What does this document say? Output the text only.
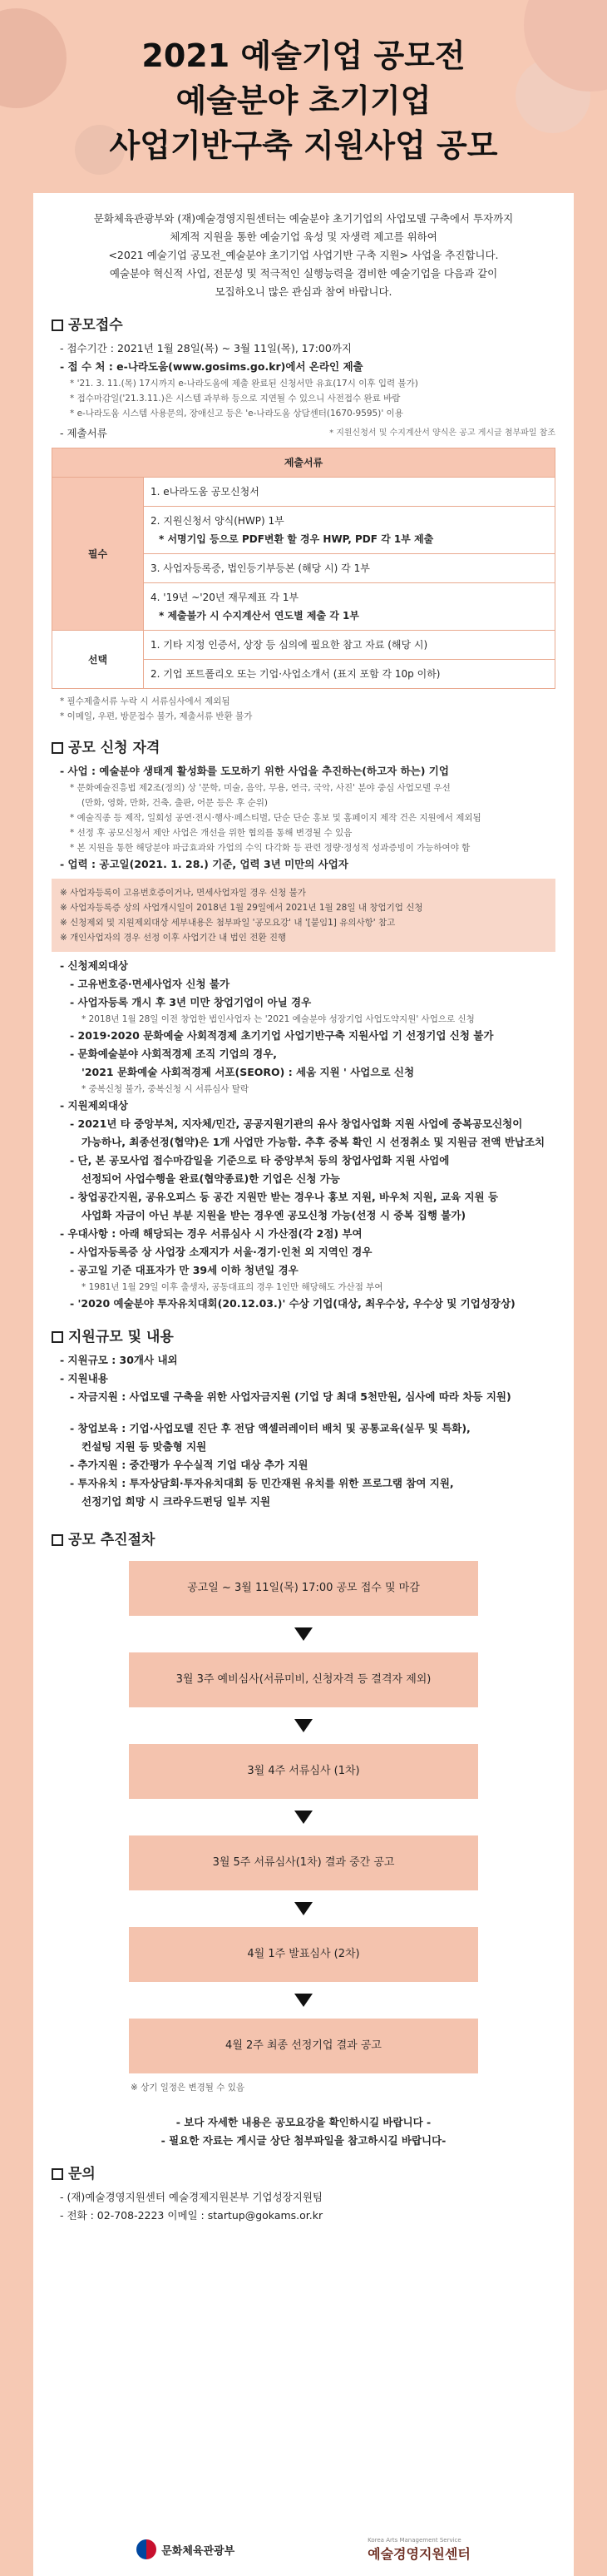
2021 예술기업 공모전
예술분야 초기기업
사업기반구축 지원사업 공모

문화체육관광부와 (재)예술경영지원센터는 예술분야 초기기업의 사업모델 구축에서 투자까지

체계적 지원을 통한 예술기업 육성 및 자생력 제고를 위하여

<2021 예술기업 공모전_예술분야 초기기업 사업기반 구축 지원> 사업을 추진합니다.

예술분야 혁신적 사업, 전문성 및 적극적인 실행능력을 겸비한 예술기업을 다음과 같이

모집하오니 많은 관심과 참여 바랍니다.

공모접수
- 접수기간 : 2021년 1월 28일(목) ~ 3월 11일(목), 17:00까지
- 접 수 처 : e-나라도움(www.gosims.go.kr)에서 온라인 제출
* '21. 3. 11.(목) 17시까지 e-나라도움에 제출 완료된 신청서만 유효(17시 이후 입력 불가)
* 접수마감일('21.3.11.)은 시스템 과부하 등으로 지연될 수 있으니 사전접수 완료 바람
* e-나라도움 시스템 사용문의, 장애신고 등은 'e-나라도움 상담센터(1670-9595)' 이용
- 제출서류	* 지원신청서 및 수지계산서 양식은 공고 게시글 첨부파일 참조
제출서류	
필수	1. e나라도움 공모신청서

	2. 지원신청서 양식(HWP) 1부
* 서명기입 등으로 PDF변환 할 경우 HWP, PDF 각 1부 제출

	3. 사업자등록증, 법인등기부등본 (해당 시) 각 1부

	4. '19년 ~'20년 재무제표 각 1부
* 제출불가 시 수지계산서 연도별 제출 각 1부

선택	1. 기타 지정 인증서, 상장 등 심의에 필요한 참고 자료 (해당 시)
	2. 기업 포트폴리오 또는 기업·사업소개서 (표지 포함 각 10p 이하)
* 필수제출서류 누락 시 서류심사에서 제외됨
* 이메일, 우편, 방문접수 불가, 제출서류 반환 불가
공모 신청 자격
- 사업 : 예술분야 생태계 활성화를 도모하기 위한 사업을 추진하는(하고자 하는) 기업
* 문화예술진흥법 제2조(정의) 상 '문학, 미술, 음악, 무용, 연극, 국악, 사진' 분야 중심 사업모델 우선
(만화, 영화, 만화, 건축, 출판, 어문 등은 후 순위)
* 예술직종 등 제작, 일회성 공연·전시·행사·페스티벌, 단순 단순 홍보 및 홈페이지 제작 건은 지원에서 제외됨
* 선정 후 공모신청서 제안 사업은 개선을 위한 협의를 통해 변경될 수 있음
* 본 지원을 통한 해당분야 파급효과와 가업의 수익 다각화 등 관련 정량·정성적 성과증빙이 가능하여야 함
- 업력 : 공고일(2021. 1. 28.) 기준, 업력 3년 미만의 사업자
※ 사업자등록이 고유번호증이거나, 면세사업자일 경우 신청 불가
※ 사업자등록증 상의 사업개시일이 2018년 1월 29일에서 2021년 1월 28일 내 창업기업 신청
※ 신청제외 및 지원제외대상 세부내용은 첨부파일 '공모요강' 내 '[붙임1] 유의사항' 참고
※ 개인사업자의 경우 선정 이후 사업기간 내 법인 전환 진행
- 신청제외대상
- 고유번호증·면세사업자 신청 불가
- 사업자등록 개시 후 3년 미만 창업기업이 아닐 경우
* 2018년 1월 28일 이전 창업한 법인사업자 는 '2021 예술분야 성장기업 사업도약지원' 사업으로 신청
- 2019·2020 문화예술 사회적경제 초기기업 사업기반구축 지원사업 기 선정기업 신청 불가
- 문화예술분야 사회적경제 조직 기업의 경우,
'2021 문화예술 사회적경제 서포(SEORO) : 세움 지원 ' 사업으로 신청
* 중복신청 불가, 중복신청 시 서류심사 탈락
- 지원제외대상
- 2021년 타 중앙부처, 지자체/민간, 공공지원기관의 유사 창업사업화 지원 사업에 중복공모신청이
가능하나, 최종선정(협약)은 1개 사업만 가능함. 추후 중복 확인 시 선정취소 및 지원금 전액 반납조치
- 단, 본 공모사업 접수마감일을 기준으로 타 중앙부처 등의 창업사업화 지원 사업에
선정되어 사업수행을 완료(협약종료)한 기업은 신청 가능
- 창업공간지원, 공유오피스 등 공간 지원만 받는 경우나 홍보 지원, 바우처 지원, 교육 지원 등
사업화 자금이 아닌 부분 지원을 받는 경우엔 공모신청 가능(선정 시 중복 집행 불가)
- 우대사항 : 아래 해당되는 경우 서류심사 시 가산점(각 2점) 부여
- 사업자등록증 상 사업장 소재지가 서울·경기·인천 외 지역인 경우
- 공고일 기준 대표자가 만 39세 이하 청년일 경우
* 1981년 1월 29일 이후 출생자, 공동대표의 경우 1인만 해당해도 가산점 부여
- '2020 예술분야 투자유치대회(20.12.03.)' 수상 기업(대상, 최우수상, 우수상 및 기업성장상)
지원규모 및 내용
- 지원규모 : 30개사 내외
- 지원내용
- 자금지원 : 사업모델 구축을 위한 사업자금지원 (기업 당 최대 5천만원, 심사에 따라 차등 지원)
- 창업보육 : 기업·사업모델 진단 후 전담 액셀러레이터 배치 및 공통교육(실무 및 특화),
컨설팅 지원 등 맞춤형 지원
- 추가지원 : 중간평가 우수실적 기업 대상 추가 지원
- 투자유치 : 투자상담회·투자유치대회 등 민간재원 유치를 위한 프로그램 참여 지원,
선정기업 희망 시 크라우드펀딩 일부 지원
공모 추진절차
공고일 ~ 3월 11일(목) 17:00 공모 접수 및 마감
3월 3주 예비심사(서류미비, 신청자격 등 결격자 제외)
3월 4주 서류심사 (1차)
3월 5주 서류심사(1차) 결과 중간 공고
4월 1주 발표심사 (2차)
4월 2주 최종 선정기업 결과 공고
※ 상기 일정은 변경될 수 있음
- 보다 자세한 내용은 공모요강을 확인하시길 바랍니다 -
- 필요한 자료는 게시글 상단 첨부파일을 참고하시길 바랍니다-
문의
- (재)예술경영지원센터 예술경제지원본부 기업성장지원팀
- 전화 : 02-708-2223 이메일 : startup@gokams.or.kr
문화체육관광부
Korea Arts Management Service
예술경영지원센터
